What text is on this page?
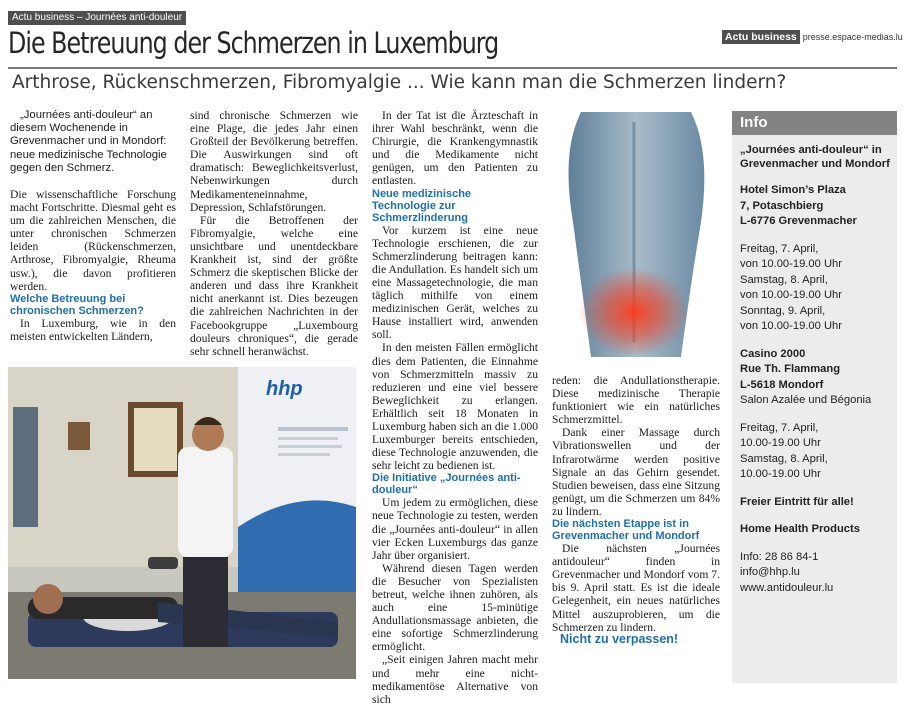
Actu business – Journées anti-douleur
Die Betreuung der Schmerzen in Luxemburg	Actu business presse.espace-medias.lu
Arthrose, Rückenschmerzen, Fibromyalgie ... Wie kann man die Schmerzen lindern?

„Journées anti-douleur“ an diesem Wochenende in Grevenmacher und in Mondorf: neue medizinische Technologie gegen den Schmerz.

Die wissenschaftliche Forschung macht Fortschritte. Diesmal geht es um die zahlreichen Menschen, die unter chronischen Schmerzen leiden (Rückenschmerzen, Arthrose, Fibromyalgie, Rheuma usw.), die davon profitieren werden.

Welche Betreuung bei chronischen Schmerzen?

In Luxemburg, wie in den meisten entwickelten Ländern,

sind chronische Schmerzen wie eine Plage, die jedes Jahr einen Großteil der Bevölkerung betreffen. Die Auswirkungen sind oft dramatisch: Beweglichkeitsverlust, Nebenwirkungen durch Medikamenteneinnahme, Depression, Schlafstörungen.

Für die Betroffenen der Fibromyalgie, welche eine unsichtbare und unentdeckbare Krankheit ist, sind der größte Schmerz die skeptischen Blicke der anderen und dass ihre Krankheit nicht anerkannt ist. Dies bezeugen die zahlreichen Nachrichten in der Facebookgruppe „Luxembourg douleurs chroniques“, die gerade sehr schnell heranwächst.

In der Tat ist die Ärzteschaft in ihrer Wahl beschränkt, wenn die Chirurgie, die Krankengymnastik und die Medikamente nicht genügen, um den Patienten zu entlasten.

Neue medizinische Technologie zur Schmerzlinderung

Vor kurzem ist eine neue Technologie erschienen, die zur Schmerzlinderung beitragen kann: die Andullation. Es handelt sich um eine Massagetechnologie, die man täglich mithilfe von einem medizinischen Gerät, welches zu Hause installiert wird, anwenden soll.

In den meisten Fällen ermöglicht dies dem Patienten, die Einnahme von Schmerzmitteln massiv zu reduzieren und eine viel bessere Beweglichkeit zu erlangen. Erhältlich seit 18 Monaten in Luxemburg haben sich an die 1.000 Luxemburger bereits entschieden, diese Technologie anzuwenden, die sehr leicht zu bedienen ist.

Die Initiative „Journées anti-douleur“

Um jedem zu ermöglichen, diese neue Technologie zu testen, werden die „Journées anti-douleur“ in allen vier Ecken Luxemburgs das ganze Jahr über organisiert.

Während diesen Tagen werden die Besucher von Spezialisten betreut, welche ihnen zuhören, als auch eine 15-minütige Andullationsmassage anbieten, die eine sofortige Schmerzlinderung ermöglicht.

„Seit einigen Jahren macht mehr und mehr eine nicht-medikamentöse Alternative von sich

reden: die Andullationstherapie. Diese medizinische Therapie funktioniert wie ein natürliches Schmerzmittel.

Dank einer Massage durch Vibrationswellen und der Infrarotwärme werden positive Signale an das Gehirn gesendet. Studien beweisen, dass eine Sitzung genügt, um die Schmerzen um 84% zu lindern.

Die nächsten Etappe ist in Grevenmacher und Mondorf

Die nächsten „Journées antidouleur“ finden in Grevenmacher und Mondorf vom 7. bis 9. April statt. Es ist die ideale Gelegenheit, ein neues natürliches Mittel auszuprobieren, um die Schmerzen zu lindern.

Nicht zu verpassen!
hhp
Info
„Journées anti-douleur“ in Grevenmacher und Mondorf
Hotel Simon’s Plaza
7, Potaschbierg
L-6776 Grevenmacher
Freitag, 7. April,
von 10.00-19.00 Uhr
Samstag, 8. April,
von 10.00-19.00 Uhr
Sonntag, 9. April,
von 10.00-19.00 Uhr
Casino 2000
Rue Th. Flammang
L-5618 Mondorf
Salon Azalée und Bégonia
Freitag, 7. April,
10.00-19.00 Uhr
Samstag, 8. April,
10.00-19.00 Uhr
Freier Eintritt für alle!
Home Health Products
Info: 28 86 84-1
info@hhp.lu
www.antidouleur.lu
